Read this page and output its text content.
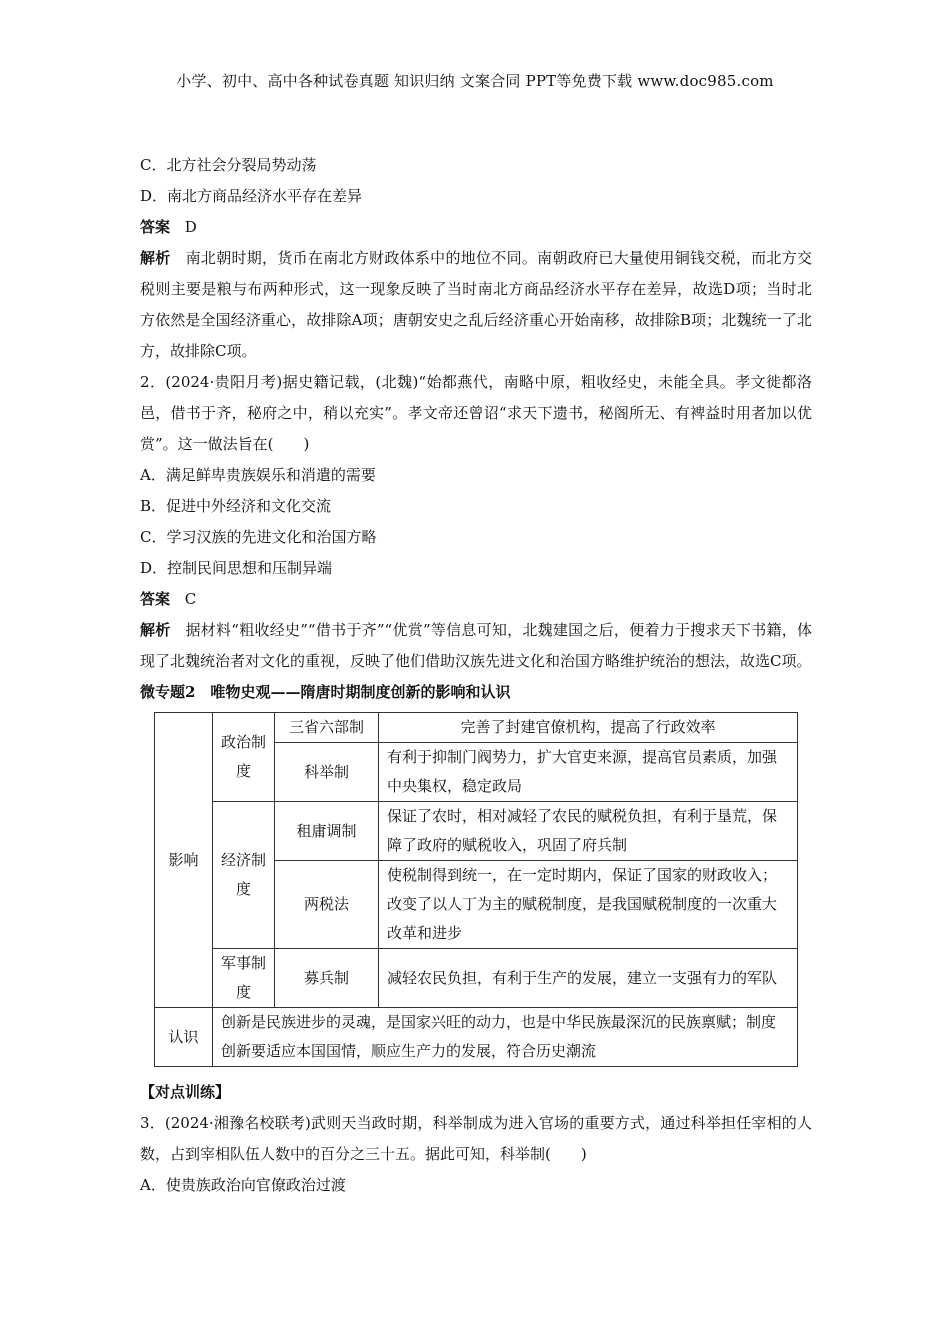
小学、初中、高中各种试卷真题 知识归纳 文案合同 PPT等免费下载 www.doc985.com
C．北方社会分裂局势动荡
D．南北方商品经济水平存在差异
答案 D
解析 南北朝时期，货币在南北方财政体系中的地位不同。南朝政府已大量使用铜钱交税，而北方交税则主要是粮与布两种形式，这一现象反映了当时南北方商品经济水平存在差异，故选D项；当时北方依然是全国经济重心，故排除A项；唐朝安史之乱后经济重心开始南移，故排除B项；北魏统一了北方，故排除C项。
2．(2024·贵阳月考)据史籍记载，(北魏)“始都燕代，南略中原，粗收经史，未能全具。孝文徙都洛邑，借书于齐，秘府之中，稍以充实”。孝文帝还曾诏“求天下遗书，秘阁所无、有裨益时用者加以优赏”。这一做法旨在(　　)
A．满足鲜卑贵族娱乐和消遣的需要
B．促进中外经济和文化交流
C．学习汉族的先进文化和治国方略
D．控制民间思想和压制异端
答案 C
解析 据材料“粗收经史”“借书于齐”“优赏”等信息可知，北魏建国之后，便着力于搜求天下书籍，体现了北魏统治者对文化的重视，反映了他们借助汉族先进文化和治国方略维护统治的想法，故选C项。
微专题2　唯物史观——隋唐时期制度创新的影响和认识
影响	政治制度	三省六部制	完善了封建官僚机构，提高了行政效率
		科举制	有利于抑制门阀势力，扩大官吏来源，提高官员素质，加强中央集权，稳定政局
	经济制度	租庸调制	保证了农时，相对减轻了农民的赋税负担，有利于垦荒，保障了政府的赋税收入，巩固了府兵制
		两税法	使税制得到统一，在一定时期内，保证了国家的财政收入；改变了以人丁为主的赋税制度，是我国赋税制度的一次重大改革和进步
	军事制度	募兵制	减轻农民负担，有利于生产的发展，建立一支强有力的军队
认识	创新是民族进步的灵魂，是国家兴旺的动力，也是中华民族最深沉的民族禀赋；制度创新要适应本国国情，顺应生产力的发展，符合历史潮流		
【对点训练】
3．(2024·湘豫名校联考)武则天当政时期，科举制成为进入官场的重要方式，通过科举担任宰相的人数，占到宰相队伍人数中的百分之三十五。据此可知，科举制(　　)
A．使贵族政治向官僚政治过渡
